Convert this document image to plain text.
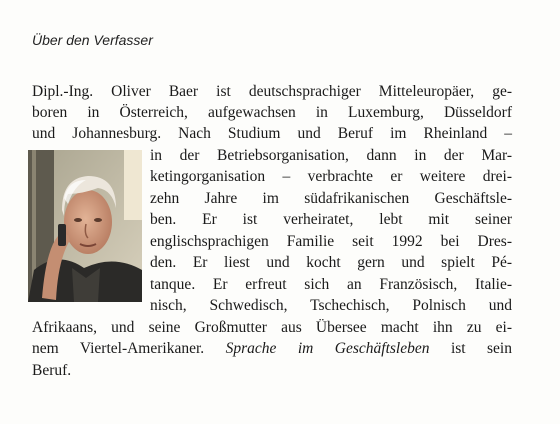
Über den Verfasser
Dipl.-Ing. Oliver Baer ist deutschsprachiger Mitteleuropäer, ge-
boren in Österreich, aufgewachsen in Luxemburg, Düsseldorf
und Johannesburg. Nach Studium und Beruf im Rheinland –
in der Betriebsorganisation, dann in der Mar-
ketingorganisation – verbrachte er weitere drei-
zehn Jahre im südafrikanischen Geschäftsle-
ben. Er ist verheiratet, lebt mit seiner
englischsprachigen Familie seit 1992 bei Dres-
den. Er liest und kocht gern und spielt Pé-
tanque. Er erfreut sich an Französisch, Italie-
nisch, Schwedisch, Tschechisch, Polnisch und
Afrikaans, und seine Großmutter aus Übersee macht ihn zu ei-
nem Viertel-Amerikaner. Sprache im Geschäftsleben ist sein
Beruf.
